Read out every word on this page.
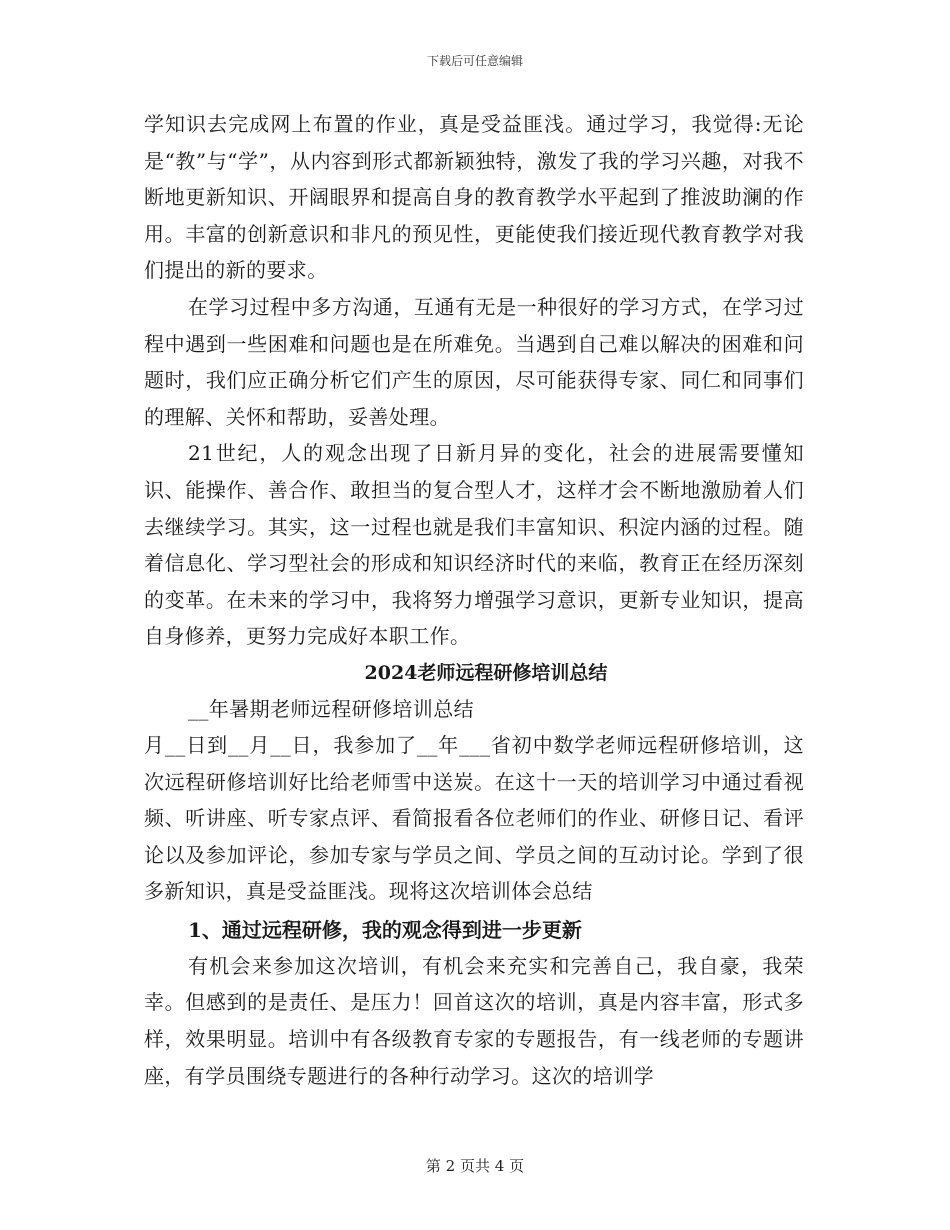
下载后可任意编辑

学知识去完成网上布置的作业，真是受益匪浅。通过学习，我觉得:无论是“教”与“学”，从内容到形式都新颖独特，激发了我的学习兴趣，对我不断地更新知识、开阔眼界和提高自身的教育教学水平起到了推波助澜的作用。丰富的创新意识和非凡的预见性，更能使我们接近现代教育教学对我们提出的新的要求。

在学习过程中多方沟通，互通有无是一种很好的学习方式，在学习过程中遇到一些困难和问题也是在所难免。当遇到自己难以解决的困难和问题时，我们应正确分析它们产生的原因，尽可能获得专家、同仁和同事们的理解、关怀和帮助，妥善处理。

21世纪，人的观念出现了日新月异的变化，社会的进展需要懂知识、能操作、善合作、敢担当的复合型人才，这样才会不断地激励着人们去继续学习。其实，这一过程也就是我们丰富知识、积淀内涵的过程。随着信息化、学习型社会的形成和知识经济时代的来临，教育正在经历深刻的变革。在未来的学习中，我将努力增强学习意识，更新专业知识，提高自身修养，更努力完成好本职工作。

2024老师远程研修培训总结

__年暑期老师远程研修培训总结

月__日到__月__日，我参加了__年___省初中数学老师远程研修培训，这次远程研修培训好比给老师雪中送炭。在这十一天的培训学习中通过看视频、听讲座、听专家点评、看简报看各位老师们的作业、研修日记、看评论以及参加评论，参加专家与学员之间、学员之间的互动讨论。学到了很多新知识，真是受益匪浅。现将这次培训体会总结

1、通过远程研修，我的观念得到进一步更新

有机会来参加这次培训，有机会来充实和完善自己，我自豪，我荣幸。但感到的是责任、是压力！回首这次的培训，真是内容丰富，形式多样，效果明显。培训中有各级教育专家的专题报告，有一线老师的专题讲座，有学员围绕专题进行的各种行动学习。这次的培训学

第 2 页共 4 页
